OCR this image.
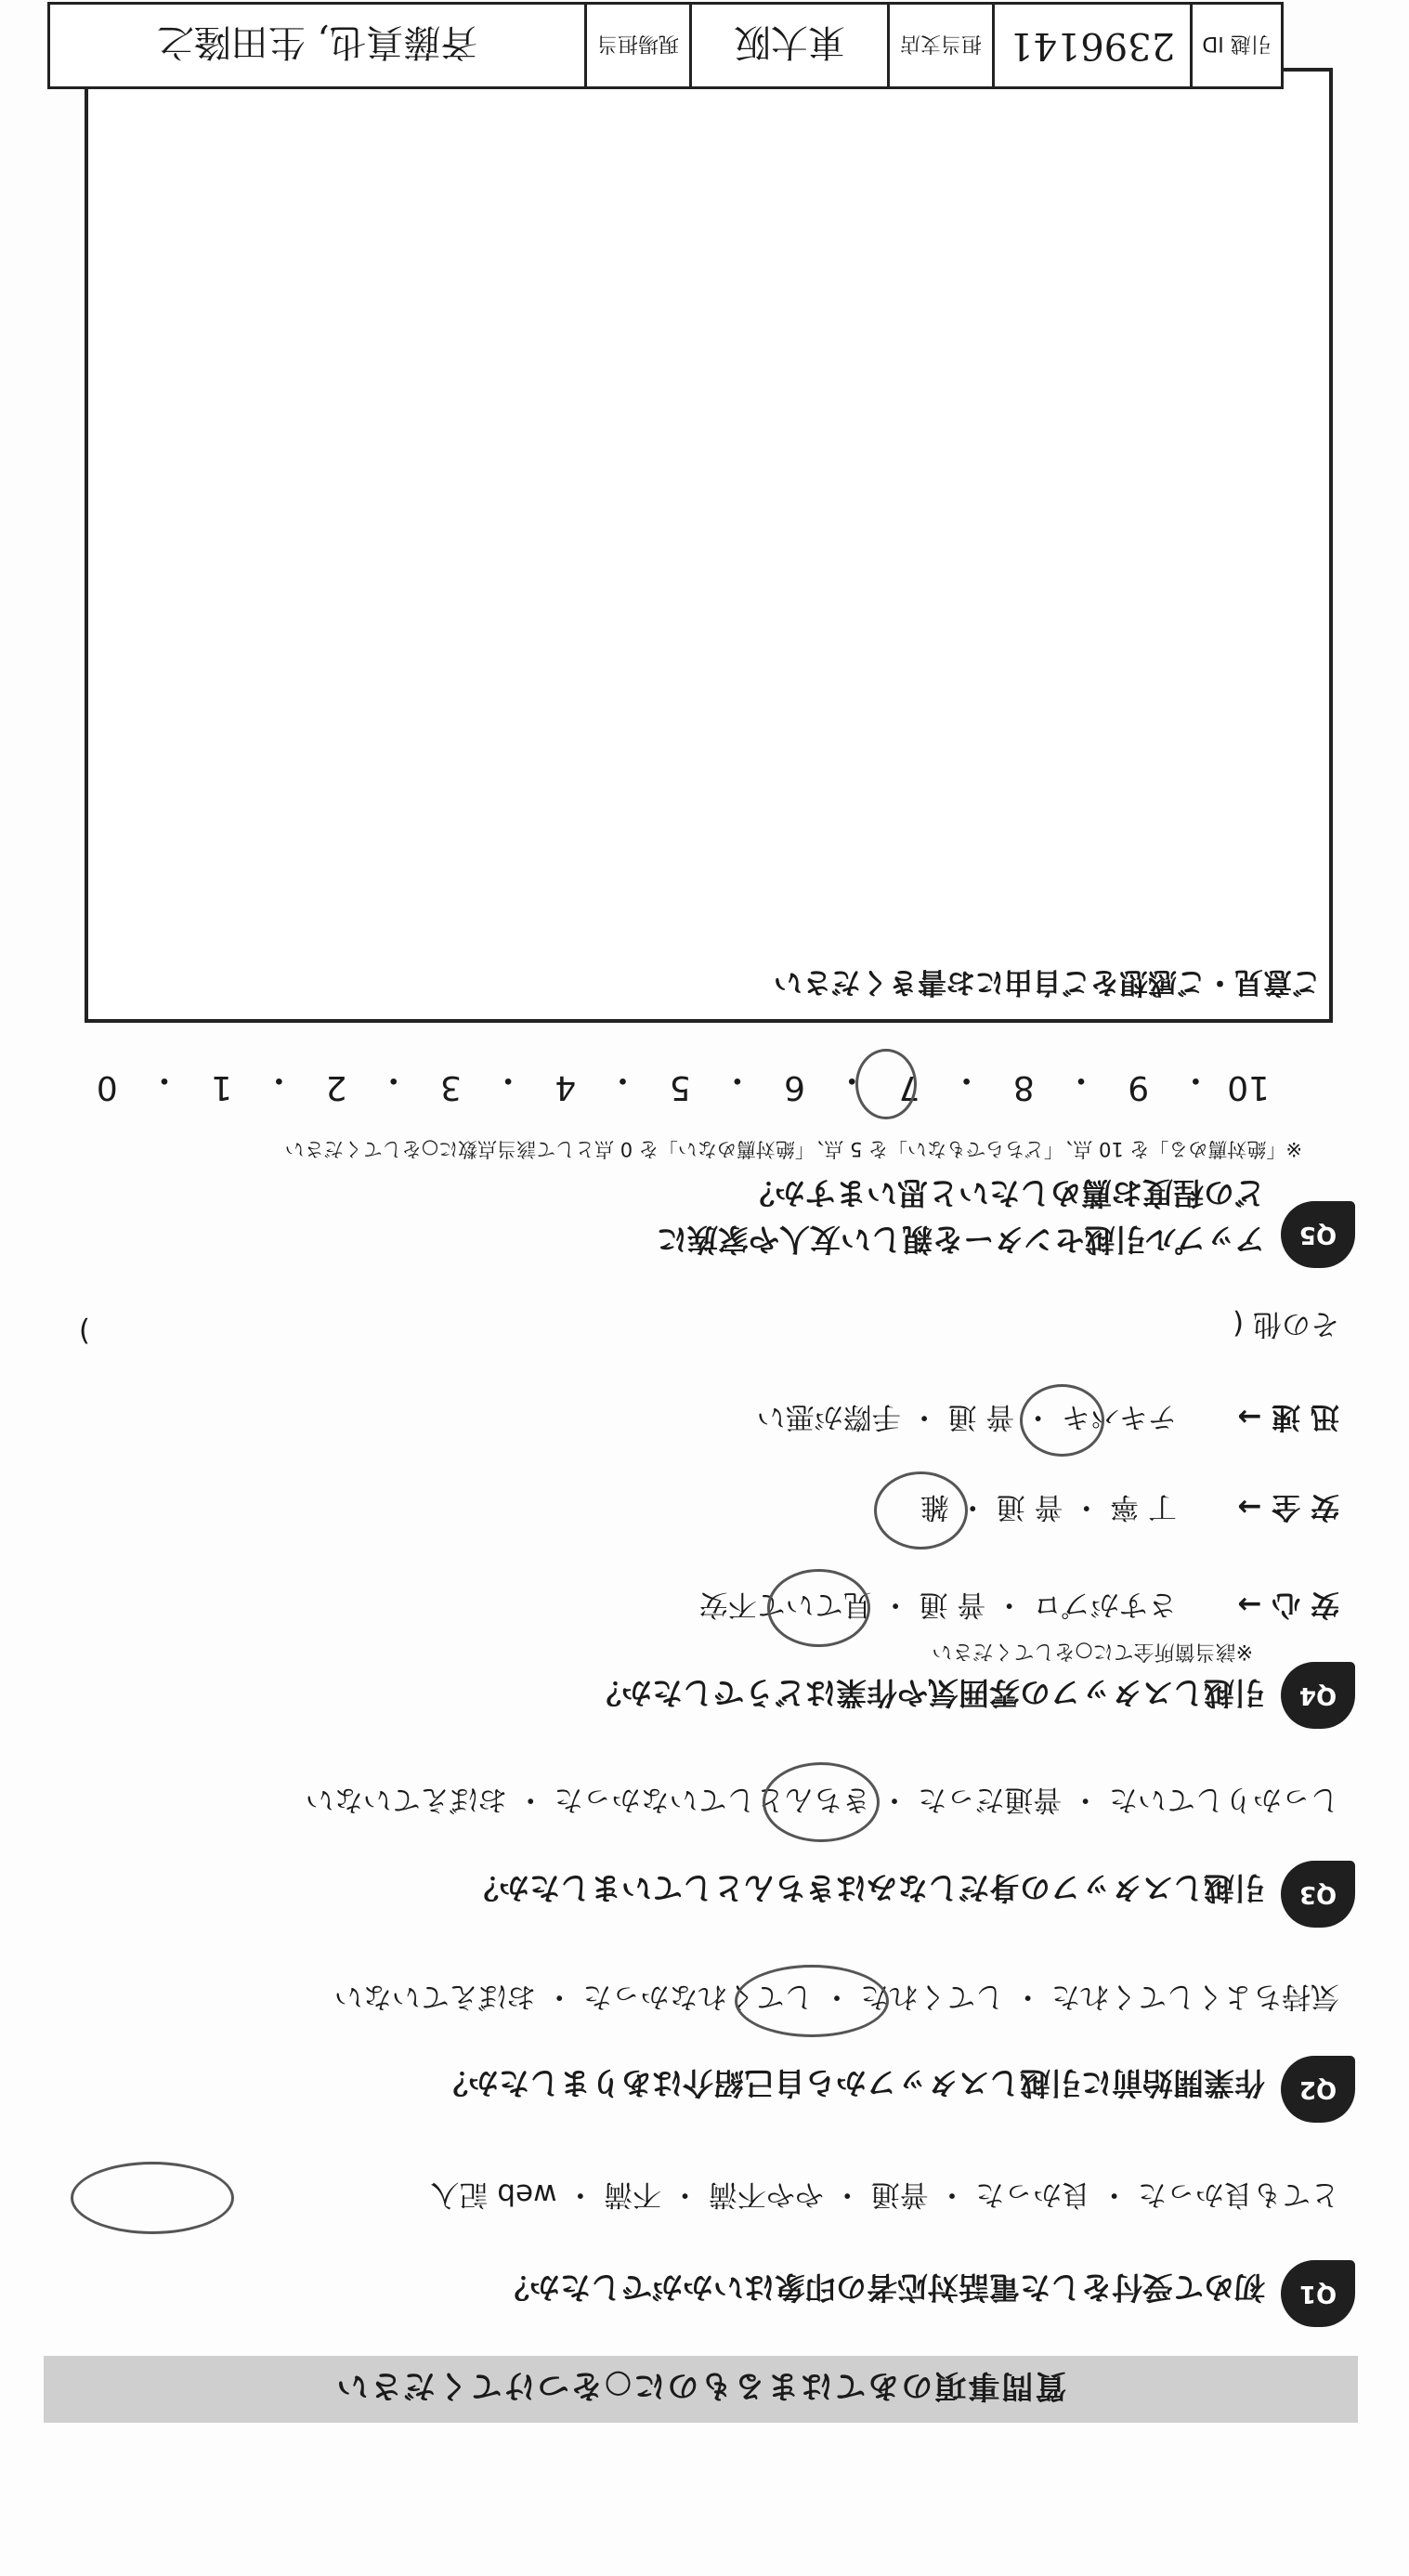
質問事項のあてはまるものに○をつけてください
Q1
初めて受付をした電話対応者の印象はいかがでしたか？
とても良かった ・ 良かった ・ 普通 ・ やや不満 ・ 不満 ・ web 記入
Q2
作業開始前に引越しスタッフから自己紹介はありましたか？
気持ちよくしてくれた ・ してくれた ・ してくれなかった ・ おぼえていない
Q3
引越しスタッフの身だしなみはきちんとしていましたか？
しっかりしていた ・ 普通だった ・ きちんとしていなかった ・ おぼえていない
Q4
引越しスタッフの雰囲気や作業はどうでしたか？
※該当箇所全てに○をしてください
安 心 →
さすがプロ ・ 普 通 ・ 見ていて不安
安 全 →
丁 寧 ・ 普 通 ・ 雑
迅 速 →
テキパキ ・ 普 通 ・ 手際が悪い
その他 (
)
Q5
アップル引越センターを親しい友人や家族に
どの程度お薦めしたいと思いますか？
※「絶対薦める」を 10 点、「どちらでもない」を 5 点、「絶対薦めない」を 0 点として該当点数に○をしてください
10
・
9
・
8
・
7
・
6
・
5
・
4
・
3
・
2
・
1
・
0
ご意見・ご感想をご自由にお書きください
引越 ID
2396141
担当支店
東大阪
現場担当
斉藤真也, 生田隆之
